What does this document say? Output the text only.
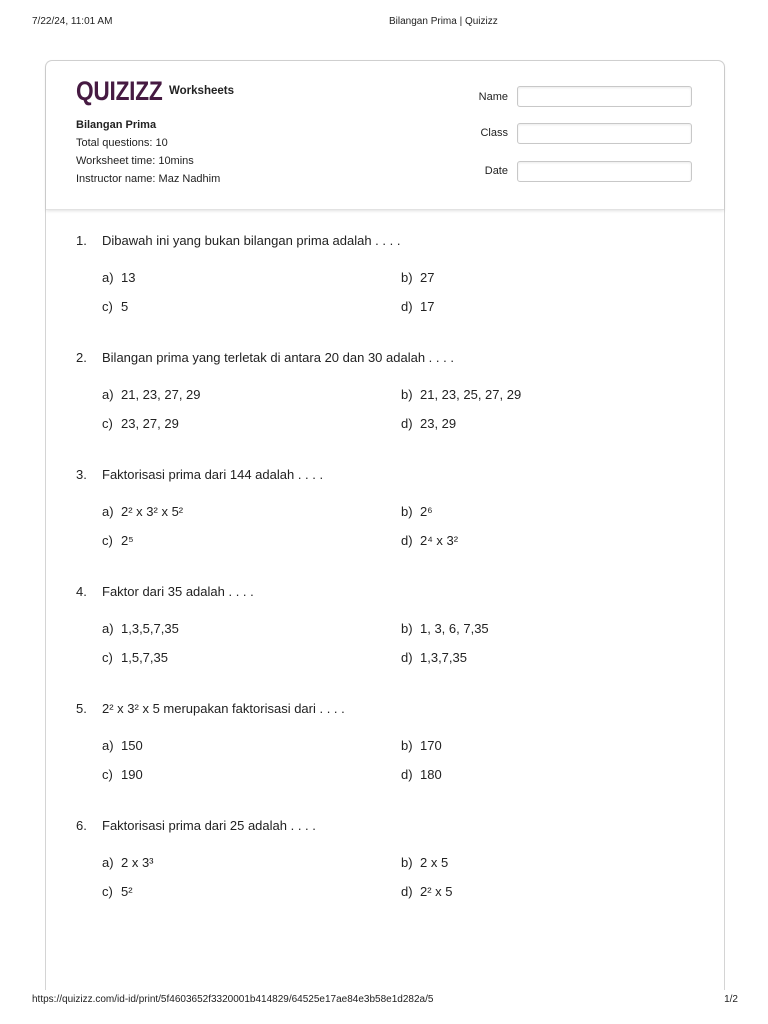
7/22/24, 11:01 AM	Bilangan Prima | Quizizz
QUIZIZZ Worksheets
Bilangan Prima
Total questions: 10
Worksheet time: 10mins
Instructor name: Maz Nadhim
Name
Class
Date
1. Dibawah ini yang bukan bilangan prima adalah . . . .
a) 13	b) 27
c) 5	d) 17
2. Bilangan prima yang terletak di antara 20 dan 30 adalah . . . .
a) 21, 23, 27, 29	b) 21, 23, 25, 27, 29
c) 23, 27, 29	d) 23, 29
3. Faktorisasi prima dari 144 adalah . . . .
a) 2² x 3² x 5²	b) 2⁶
c) 2⁵	d) 2⁴ x 3²
4. Faktor dari 35 adalah . . . .
a) 1,3,5,7,35	b) 1, 3, 6, 7,35
c) 1,5,7,35	d) 1,3,7,35
5. 2² x 3² x 5 merupakan faktorisasi dari . . . .
a) 150	b) 170
c) 190	d) 180
6. Faktorisasi prima dari 25 adalah . . . .
a) 2 x 3³	b) 2 x 5
c) 5²	d) 2² x 5
https://quizizz.com/id-id/print/5f4603652f3320001b414829/64525e17ae84e3b58e1d282a/5	1/2
